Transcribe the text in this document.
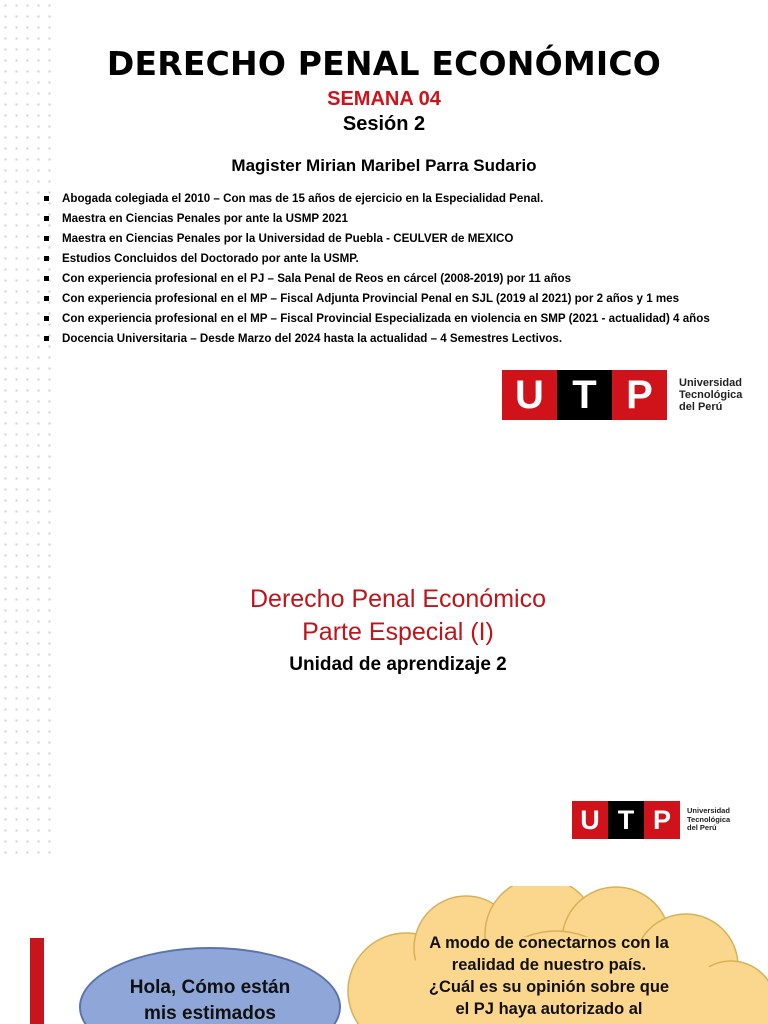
DERECHO PENAL ECONÓMICO
SEMANA 04
Sesión 2
Magister Mirian Maribel Parra Sudario
Abogada colegiada el 2010 – Con mas de 15 años de ejercicio en la Especialidad Penal.
Maestra en Ciencias Penales por ante la USMP 2021
Maestra en Ciencias Penales por la Universidad de Puebla - CEULVER de MEXICO
Estudios Concluidos del Doctorado por ante la USMP.
Con experiencia profesional en el PJ – Sala Penal de Reos en cárcel (2008-2019) por 11 años
Con experiencia profesional en el MP – Fiscal Adjunta Provincial Penal en SJL (2019 al 2021) por 2 años y 1 mes
Con experiencia profesional en el MP – Fiscal Provincial Especializada en violencia en SMP (2021 - actualidad) 4 años
Docencia Universitaria – Desde Marzo del 2024 hasta la actualidad – 4 Semestres Lectivos.
U T P	Universidad
Tecnológica
del Perú
Derecho Penal Económico
Parte Especial (I)
Unidad de aprendizaje 2
U T P	Universidad
Tecnológica
del Perú
Hola, Cómo están
mis estimados
A modo de conectarnos con la
realidad de nuestro país.
¿Cuál es su opinión sobre que
el PJ haya autorizado al
